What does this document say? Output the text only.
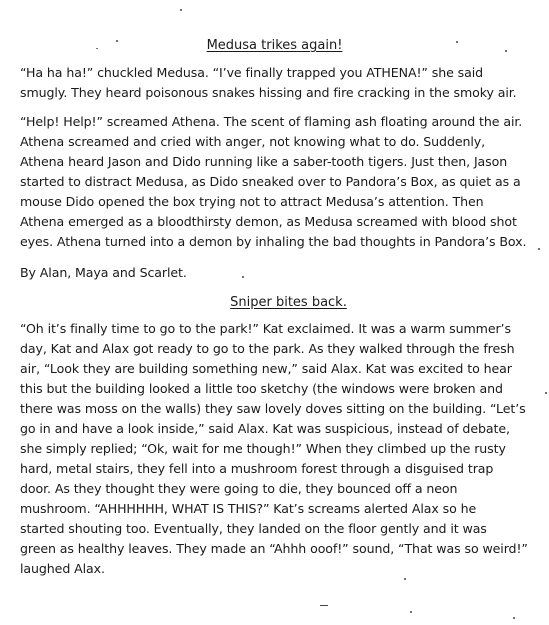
Medusa trikes again!
“Ha ha ha!” chuckled Medusa. “I’ve finally trapped you ATHENA!” she said
smugly. They heard poisonous snakes hissing and fire cracking in the smoky air.
“Help! Help!” screamed Athena. The scent of flaming ash floating around the air.
Athena screamed and cried with anger, not knowing what to do. Suddenly,
Athena heard Jason and Dido running like a saber-tooth tigers. Just then, Jason
started to distract Medusa, as Dido sneaked over to Pandora’s Box, as quiet as a
mouse Dido opened the box trying not to attract Medusa’s attention. Then
Athena emerged as a bloodthirsty demon, as Medusa screamed with blood shot
eyes. Athena turned into a demon by inhaling the bad thoughts in Pandora’s Box.
By Alan, Maya and Scarlet.
Sniper bites back.
“Oh it’s finally time to go to the park!” Kat exclaimed. It was a warm summer’s
day, Kat and Alax got ready to go to the park. As they walked through the fresh
air, “Look they are building something new,” said Alax. Kat was excited to hear
this but the building looked a little too sketchy (the windows were broken and
there was moss on the walls) they saw lovely doves sitting on the building. “Let’s
go in and have a look inside,” said Alax. Kat was suspicious, instead of debate,
she simply replied; “Ok, wait for me though!” When they climbed up the rusty
hard, metal stairs, they fell into a mushroom forest through a disguised trap
door. As they thought they were going to die, they bounced off a neon
mushroom. “AHHHHHH, WHAT IS THIS?” Kat’s screams alerted Alax so he
started shouting too. Eventually, they landed on the floor gently and it was
green as healthy leaves. They made an “Ahhh ooof!” sound, “That was so weird!”
laughed Alax.
